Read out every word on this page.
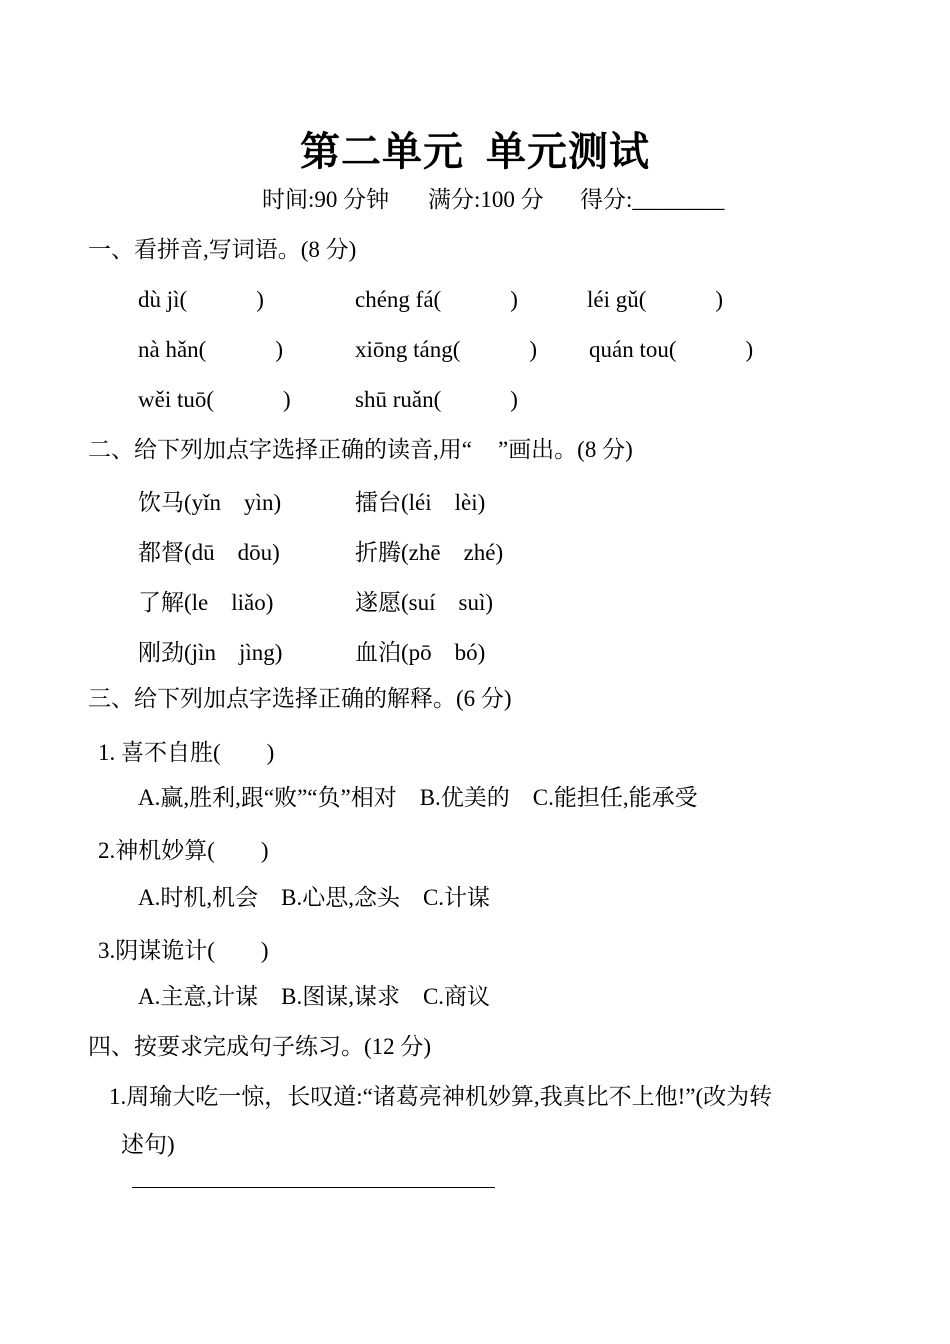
第二单元  单元测试
时间:90 分钟 满分:100 分 得分:________
一、看拼音,写词语。(8 分)
dù jì(            )	chéng fá(            )	léi gǔ(            )
nà hǎn(            )	xiōng táng(            ) quán tou(            )
wěi tuō(            )	shū ruǎn(            )
二、给下列加点字选择正确的读音,用“ ”画出。(8 分)
饮马(yǐn    yìn)	擂台(léi    lèi)
都督(dū    dōu)	折腾(zhē    zhé)
了解(le    liǎo)	遂愿(suí    suì)
刚劲(jìn    jìng)	血泊(pō    bó)
三、给下列加点字选择正确的解释。(6 分)
1. 喜不自胜(        )
A.赢,胜利,跟“败”“负”相对    B.优美的    C.能担任,能承受
2.神机妙算(        )
A.时机,机会    B.心思,念头    C.计谋
3.阴谋诡计(        )
A.主意,计谋    B.图谋,谋求    C.商议
四、按要求完成句子练习。(12 分)
1.周瑜大吃一惊，长叹道:“诸葛亮神机妙算,我真比不上他!”(改为转
述句)
